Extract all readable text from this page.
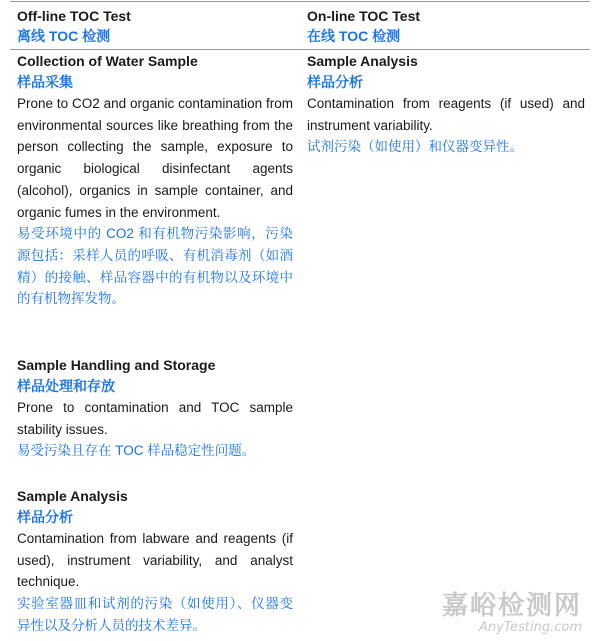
Off-line TOC Test

离线 TOC 检测

On-line TOC Test

在线 TOC 检测

Collection of Water Sample

样品采集

Prone to CO2 and organic contamination from environmental sources like breathing from the person collecting the sample, exposure to organic biological disinfectant agents (alcohol), organics in sample container, and organic fumes in the environment.

易受环境中的 CO2 和有机物污染影响，污染源包括：采样人员的呼吸、有机消毒剂（如酒精）的接触、样品容器中的有机物以及环境中的有机物挥发物。

Sample Handling and Storage

样品处理和存放

Prone to contamination and TOC sample stability issues.

易受污染且存在 TOC 样品稳定性问题。

Sample Analysis

样品分析

Contamination from labware and reagents (if used), instrument variability, and analyst technique.

实验室器皿和试剂的污染（如使用）、仪器变异性以及分析人员的技术差异。

Sample Analysis

样品分析

Contamination from reagents (if used) and instrument variability.

试剂污染（如使用）和仪器变异性。

嘉峪检测网
AnyTesting.com
